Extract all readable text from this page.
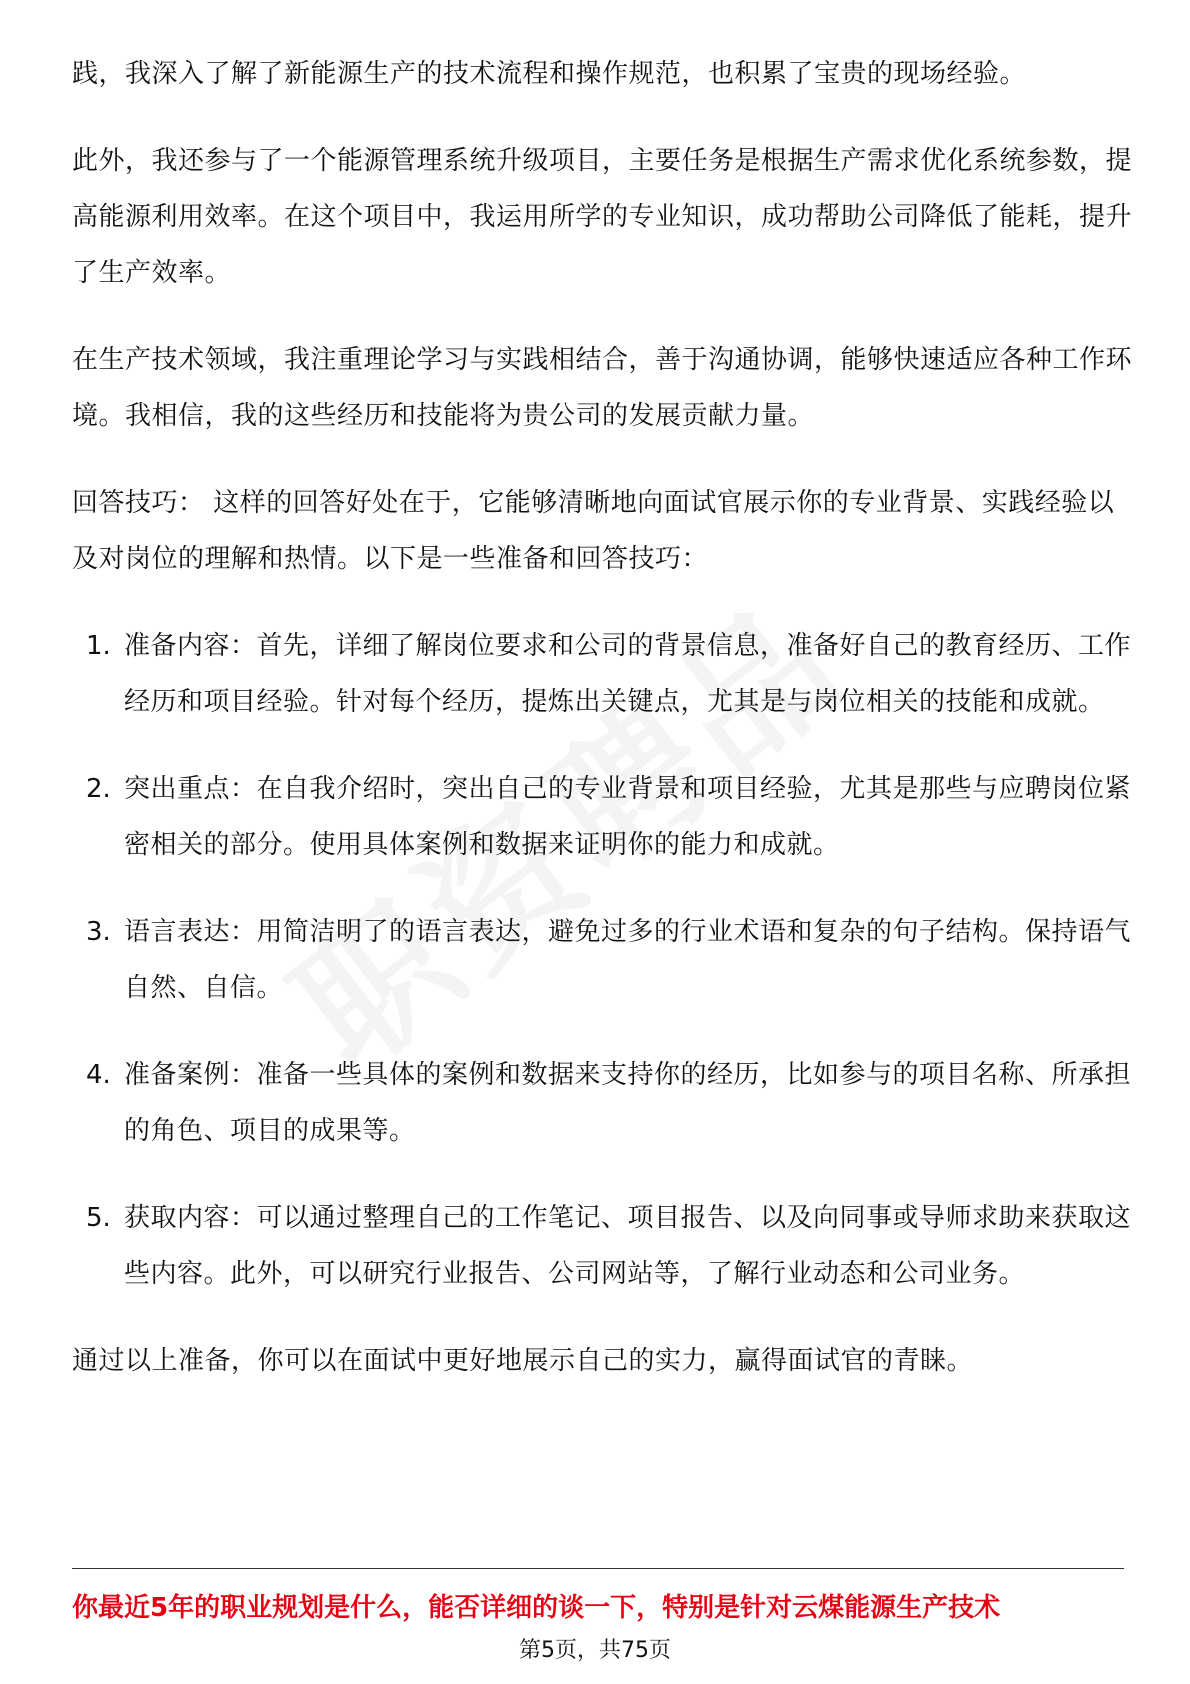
践，我深入了解了新能源生产的技术流程和操作规范，也积累了宝贵的现场经验。

此外，我还参与了一个能源管理系统升级项目，主要任务是根据生产需求优化系统参数，提高能源利用效率。在这个项目中，我运用所学的专业知识，成功帮助公司降低了能耗，提升了生产效率。

在生产技术领域，我注重理论学习与实践相结合，善于沟通协调，能够快速适应各种工作环境。我相信，我的这些经历和技能将为贵公司的发展贡献力量。

回答技巧： 这样的回答好处在于，它能够清晰地向面试官展示你的专业背景、实践经验以及对岗位的理解和热情。以下是一些准备和回答技巧：

1. 准备内容：首先，详细了解岗位要求和公司的背景信息，准备好自己的教育经历、工作经历和项目经验。针对每个经历，提炼出关键点，尤其是与岗位相关的技能和成就。

2. 突出重点：在自我介绍时，突出自己的专业背景和项目经验，尤其是那些与应聘岗位紧密相关的部分。使用具体案例和数据来证明你的能力和成就。

3. 语言表达：用简洁明了的语言表达，避免过多的行业术语和复杂的句子结构。保持语气自然、自信。

4. 准备案例：准备一些具体的案例和数据来支持你的经历，比如参与的项目名称、所承担的角色、项目的成果等。

5. 获取内容：可以通过整理自己的工作笔记、项目报告、以及向同事或导师求助来获取这些内容。此外，可以研究行业报告、公司网站等，了解行业动态和公司业务。

通过以上准备，你可以在面试中更好地展示自己的实力，赢得面试官的青睐。

你最近5年的职业规划是什么，能否详细的谈一下，特别是针对云煤能源生产技术
第5页，共75页
